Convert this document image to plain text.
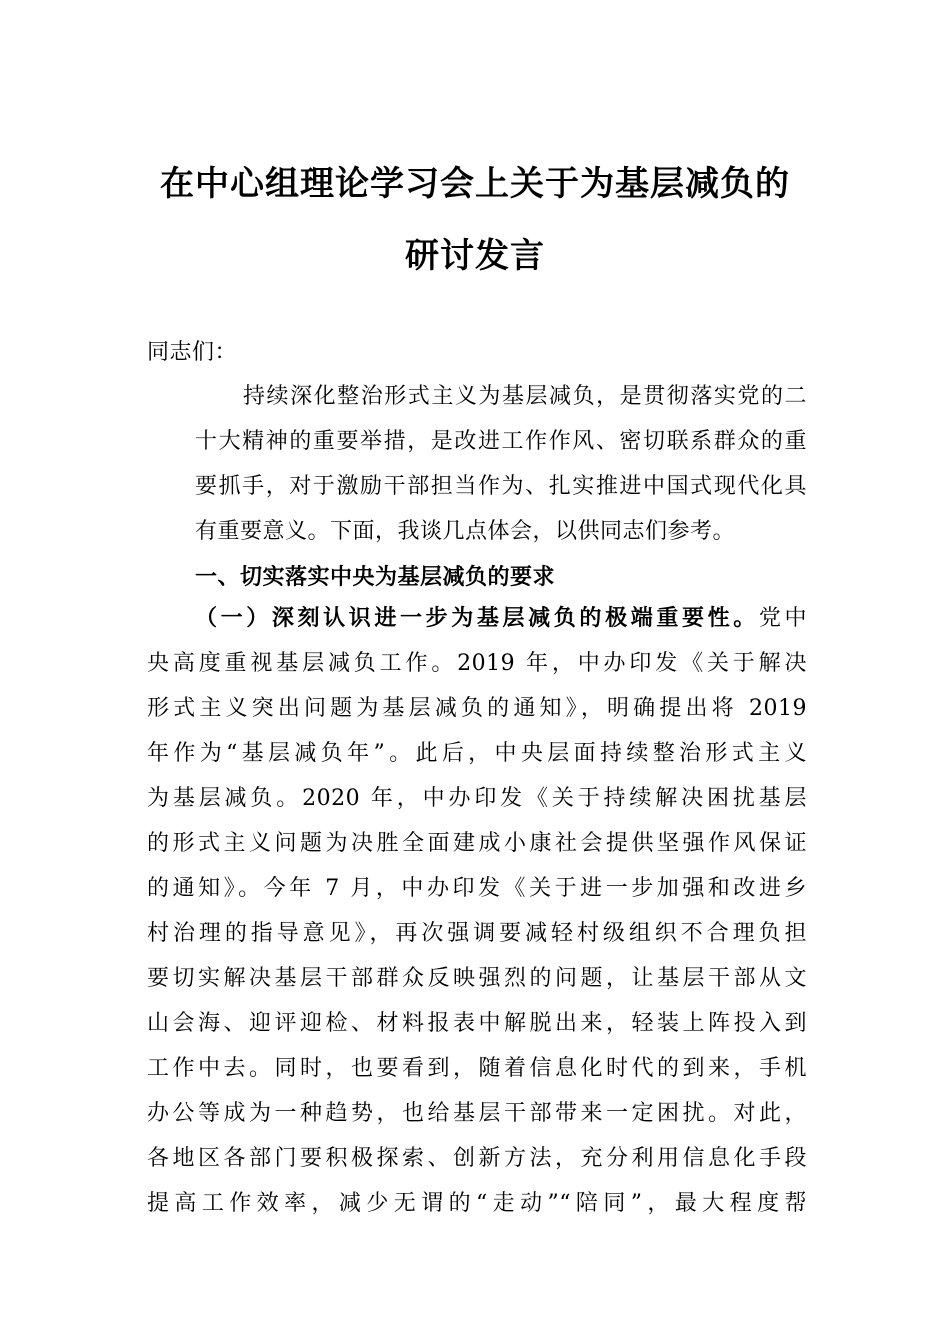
在中心组理论学习会上关于为基层减负的
研讨发言
同志们：
持续深化整治形式主义为基层减负，是贯彻落实党的二
十大精神的重要举措，是改进工作作风、密切联系群众的重
要抓手，对于激励干部担当作为、扎实推进中国式现代化具
有重要意义。下面，我谈几点体会，以供同志们参考。
一、切实落实中央为基层减负的要求
（一）深刻认识进一步为基层减负的极端重要性。党中
央高度重视基层减负工作。2019 年，中办印发《关于解决
形式主义突出问题为基层减负的通知》，明确提出将 2019
年作为“基层减负年”。此后，中央层面持续整治形式主义
为基层减负。2020 年，中办印发《关于持续解决困扰基层
的形式主义问题为决胜全面建成小康社会提供坚强作风保证
的通知》。今年 7 月，中办印发《关于进一步加强和改进乡
村治理的指导意见》，再次强调要减轻村级组织不合理负担
要切实解决基层干部群众反映强烈的问题，让基层干部从文
山会海、迎评迎检、材料报表中解脱出来，轻装上阵投入到
工作中去。同时，也要看到，随着信息化时代的到来，手机
办公等成为一种趋势，也给基层干部带来一定困扰。对此，
各地区各部门要积极探索、创新方法，充分利用信息化手段
提高工作效率，减少无谓的“走动”“陪同”，最大程度帮
